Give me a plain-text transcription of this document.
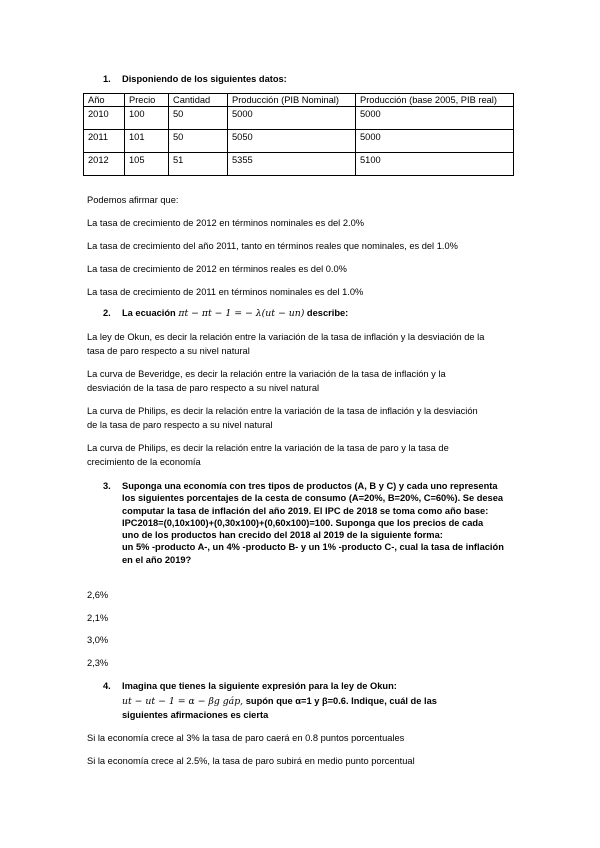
1. Disponiendo de los siguientes datos:
Año	Precio	Cantidad	Producción (PIB Nominal)	Producción (base 2005, PIB real)
2010	100	50	5000	5000
2011	101	50	5050	5000
2012	105	51	5355	5100
Podemos afirmar que:
La tasa de crecimiento de 2012 en términos nominales es del 2.0%
La tasa de crecimiento del año 2011, tanto en términos reales que nominales, es del 1.0%
La tasa de crecimiento de 2012 en términos reales es del 0.0%
La tasa de crecimiento de 2011 en términos nominales es del 1.0%
2. La ecuación πt − πt − 1 = − λ(ut − un) describe:
La ley de Okun, es decir la relación entre la variación de la tasa de inflación y la desviación de la
tasa de paro respecto a su nivel natural
La curva de Beveridge, es decir la relación entre la variación de la tasa de inflación y la
desviación de la tasa de paro respecto a su nivel natural
La curva de Philips, es decir la relación entre la variación de la tasa de inflación y la desviación
de la tasa de paro respecto a su nivel natural
La curva de Philips, es decir la relación entre la variación de la tasa de paro y la tasa de
crecimiento de la economía
3. Suponga una economía con tres tipos de productos (A, B y C) y cada uno representa
los siguientes porcentajes de la cesta de consumo (A=20%, B=20%, C=60%). Se desea
computar la tasa de inflación del año 2019. El IPC de 2018 se toma como año base:
IPC2018=(0,10x100)+(0,30x100)+(0,60x100)=100. Suponga que los precios de cada
uno de los productos han crecido del 2018 al 2019 de la siguiente forma:
un 5% -producto A-, un 4% -producto B- y un 1% -producto C-, cual la tasa de inflación
en el año 2019?
2,6%
2,1%
3,0%
2,3%
4. Imagina que tienes la siguiente expresión para la ley de Okun:
ut − ut − 1 = α − βg gáp, supón que α=1 y β=0.6. Indique, cuál de las
siguientes afirmaciones es cierta
Si la economía crece al 3% la tasa de paro caerá en 0.8 puntos porcentuales
Si la economía crece al 2.5%, la tasa de paro subirá en medio punto porcentual
